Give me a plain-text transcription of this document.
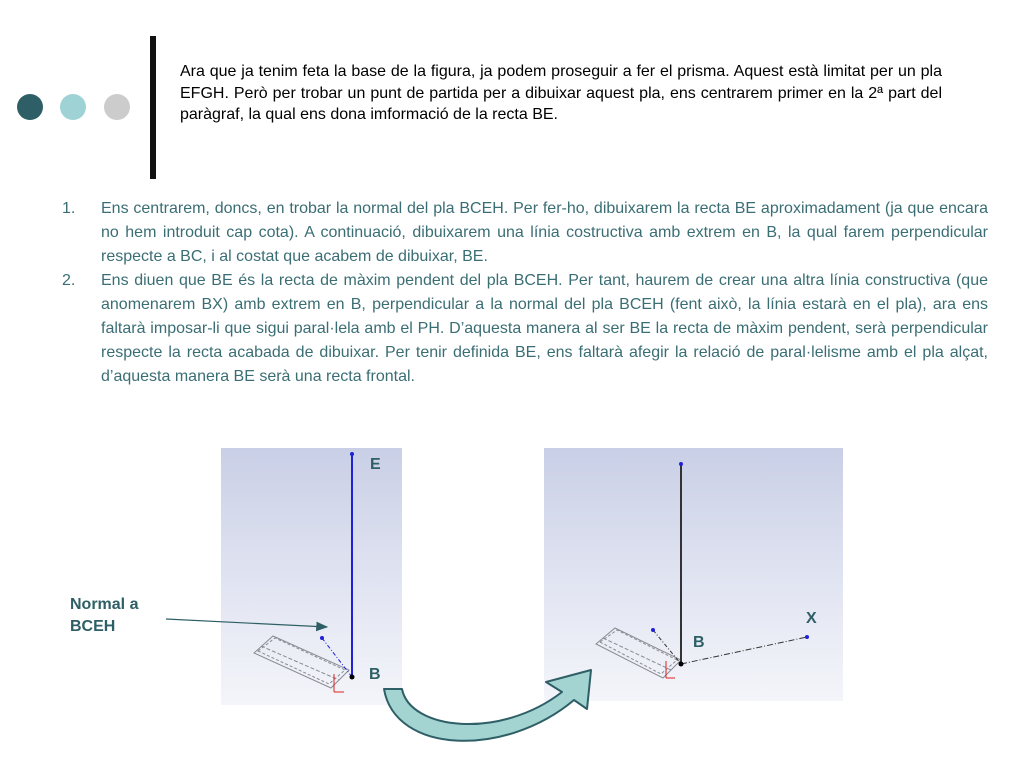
Ara que ja tenim feta la base de la figura, ja podem proseguir a fer el prisma. Aquest està limitat per un pla EFGH. Però per trobar un punt de partida per a dibuixar aquest pla, ens centrarem primer en la 2ª part del paràgraf, la qual ens dona imformació de la recta BE.

1. Ens centrarem, doncs, en trobar la normal del pla BCEH. Per fer-ho, dibuixarem la recta BE aproximadament (ja que encara no hem introduit cap cota). A continuació, dibuixarem una línia costructiva amb extrem en B, la qual farem perpendicular respecte a BC, i al costat que acabem de dibuixar, BE.
2. Ens diuen que BE és la recta de màxim pendent del pla BCEH. Per tant, haurem de crear una altra línia constructiva (que anomenarem BX) amb extrem en B, perpendicular a la normal del pla BCEH (fent això, la línia estarà en el pla), ara ens faltarà imposar-li que sigui paral·lela amb el PH. D’aquesta manera al ser BE la recta de màxim pendent, serà perpendicular respecte la recta acabada de dibuixar. Per tenir definida BE, ens faltarà afegir la relació de paral·lelisme amb el pla alçat, d’aquesta manera BE serà una recta frontal.
E
B
X
B

Normal a BCEH
